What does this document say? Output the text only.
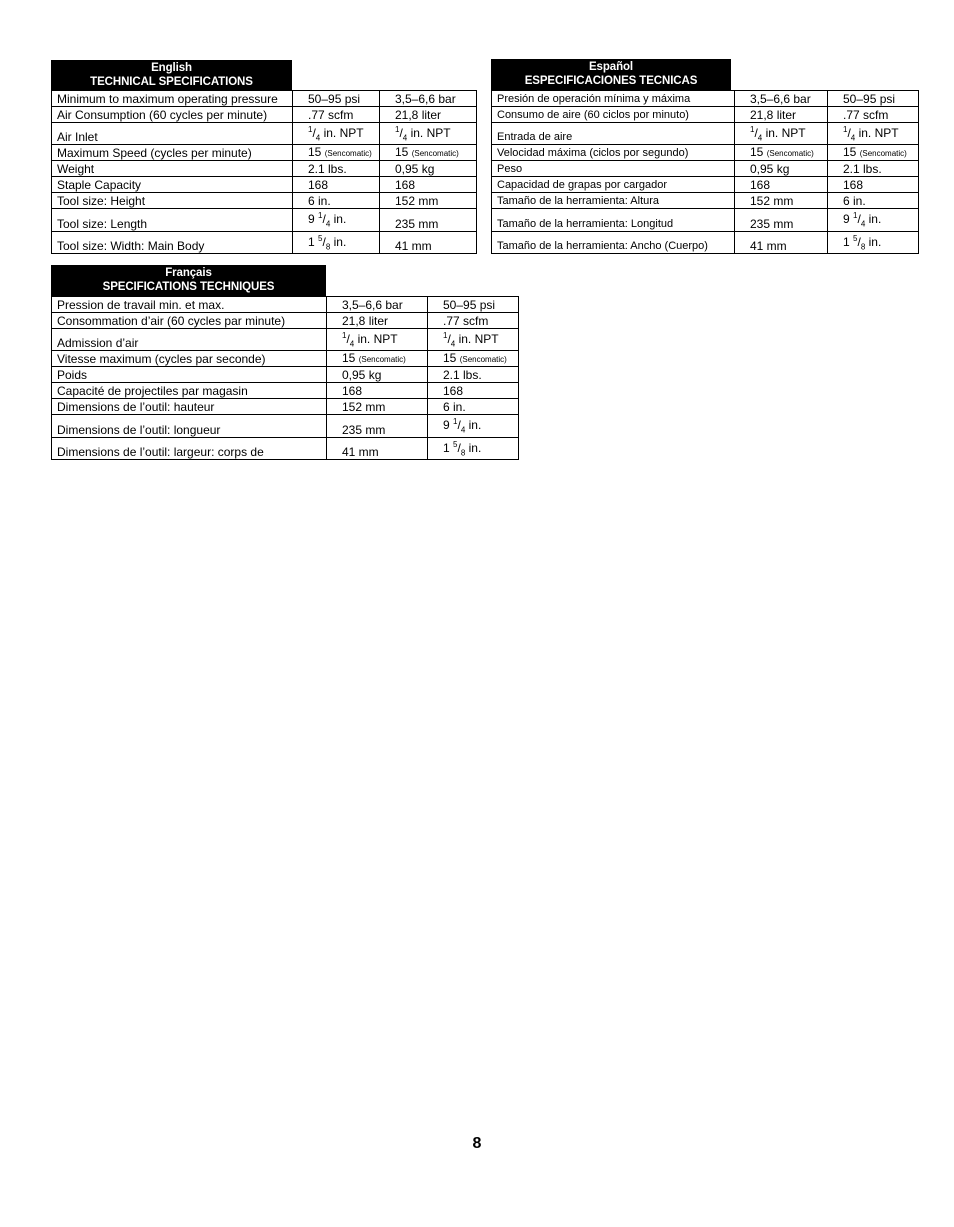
English
TECHNICAL SPECIFICATIONS
Minimum to maximum operating pressure	50–95 psi	3,5–6,6 bar
Air Consumption (60 cycles per minute)	.77 scfm	21,8 liter
Air Inlet	$^1/_4$ in. NPT	$^1/_4$ in. NPT
Maximum Speed (cycles per minute)	15 (Sencomatic)	15 (Sencomatic)
Weight	2.1 lbs.	0,95 kg
Staple Capacity	168	168
Tool size: Height	6 in.	152 mm
Tool size: Length	9 $^1/_4$ in.	235 mm
Tool size: Width: Main Body	1 $^5/_8$ in.	41 mm
Español
ESPECIFICACIONES TECNICAS
Presión de operación mínima y máxima	3,5–6,6 bar	50–95 psi
Consumo de aire (60 ciclos por minuto)	21,8 liter	.77 scfm
Entrada de aire	$^1/_4$ in. NPT	$^1/_4$ in. NPT
Velocidad máxima (ciclos por segundo)	15 (Sencomatic)	15 (Sencomatic)
Peso	0,95 kg	2.1 lbs.
Capacidad de grapas por cargador	168	168
Tamaño de la herramienta: Altura	152 mm	6 in.
Tamaño de la herramienta: Longitud	235 mm	9 $^1/_4$ in.
Tamaño de la herramienta: Ancho (Cuerpo)	41 mm	1 $^5/_8$ in.
Français
SPECIFICATIONS TECHNIQUES
Pression de travail min. et max.	3,5–6,6 bar	50–95 psi
Consommation d’air (60 cycles par minute)	21,8 liter	.77 scfm
Admission d’air	$^1/_4$ in. NPT	$^1/_4$ in. NPT
Vitesse maximum (cycles par seconde)	15 (Sencomatic)	15 (Sencomatic)
Poids	0,95 kg	2.1 lbs.
Capacité de projectiles par magasin	168	168
Dimensions de l’outil: hauteur	152 mm	6 in.
Dimensions de l’outil: longueur	235 mm	9 $^1/_4$ in.
Dimensions de l’outil: largeur: corps de	41 mm	1 $^5/_8$ in.
8
